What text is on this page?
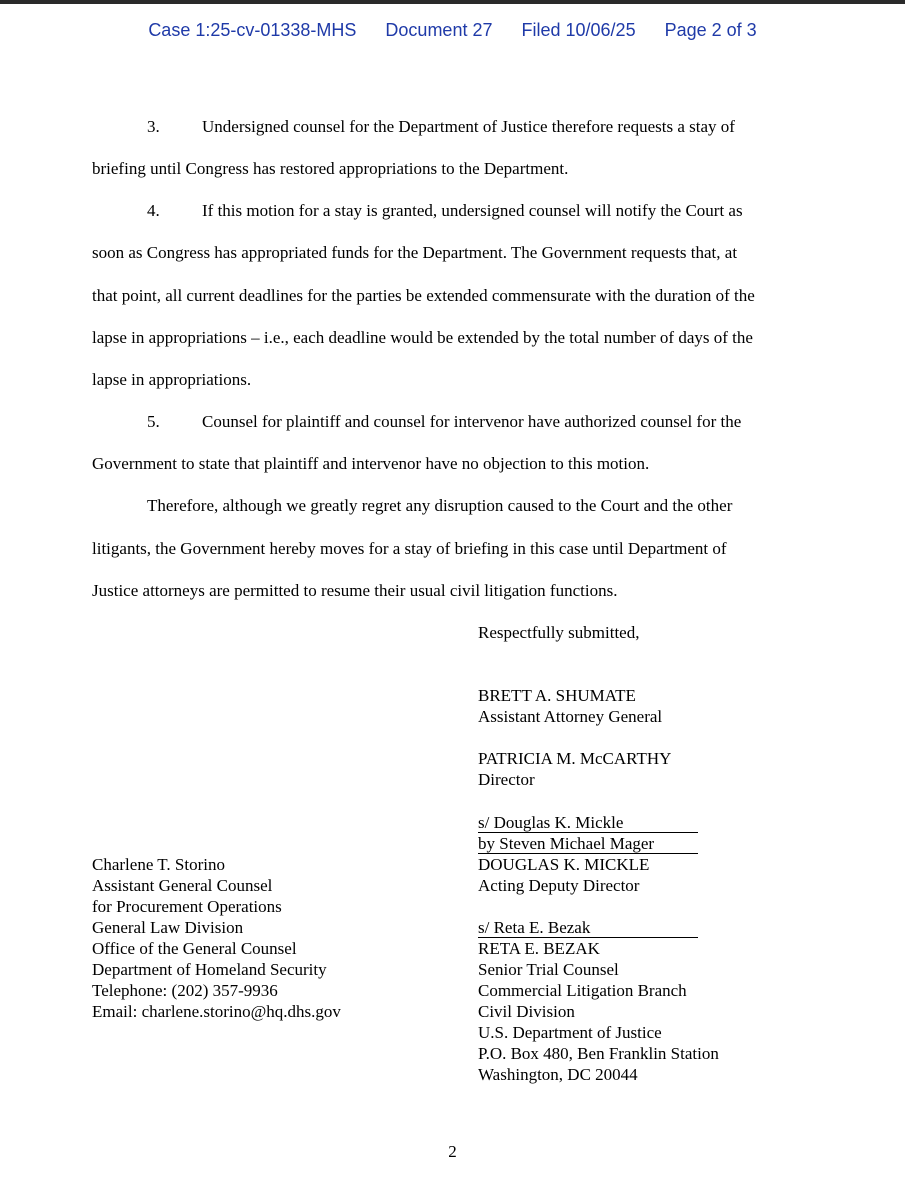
Case 1:25-cv-01338-MHS Document 27 Filed 10/06/25 Page 2 of 3
3. Undersigned counsel for the Department of Justice therefore requests a stay of
briefing until Congress has restored appropriations to the Department.
4. If this motion for a stay is granted, undersigned counsel will notify the Court as
soon as Congress has appropriated funds for the Department. The Government requests that, at
that point, all current deadlines for the parties be extended commensurate with the duration of the
lapse in appropriations – i.e., each deadline would be extended by the total number of days of the
lapse in appropriations.
5. Counsel for plaintiff and counsel for intervenor have authorized counsel for the
Government to state that plaintiff and intervenor have no objection to this motion.
Therefore, although we greatly regret any disruption caused to the Court and the other
litigants, the Government hereby moves for a stay of briefing in this case until Department of
Justice attorneys are permitted to resume their usual civil litigation functions.
Respectfully submitted,
BRETT A. SHUMATE
Assistant Attorney General
PATRICIA M. McCARTHY
Director
s/ Douglas K. Mickle
by Steven Michael Mager
DOUGLAS K. MICKLE
Acting Deputy Director
s/ Reta E. Bezak
RETA E. BEZAK
Senior Trial Counsel
Commercial Litigation Branch
Civil Division
U.S. Department of Justice
P.O. Box 480, Ben Franklin Station
Washington, DC 20044
Charlene T. Storino
Assistant General Counsel
for Procurement Operations
General Law Division
Office of the General Counsel
Department of Homeland Security
Telephone: (202) 357-9936
Email: charlene.storino@hq.dhs.gov
2
